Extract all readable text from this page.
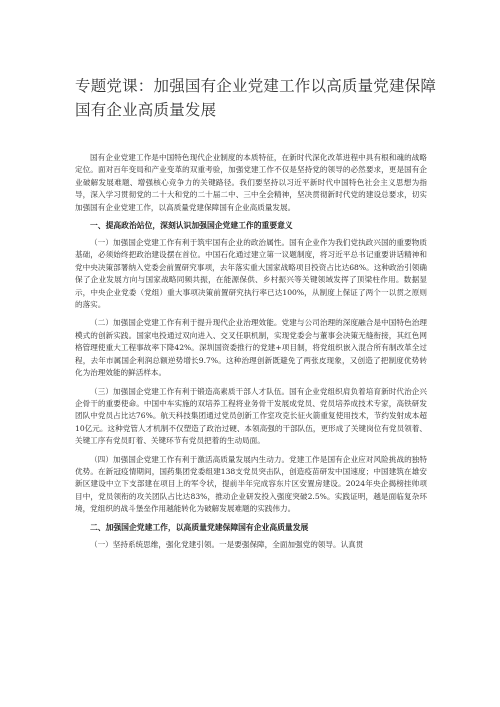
专题党课：加强国有企业党建工作以高质量党建保障国有企业高质量发展

国有企业党建工作是中国特色现代企业制度的本质特征，在新时代深化改革进程中具有根和魂的战略定位。面对百年变局和产业变革的双重考验，加强党建工作不仅是坚持党的领导的必然要求，更是国有企业破解发展难题、增强核心竞争力的关键路径。我们要坚持以习近平新时代中国特色社会主义思想为指导，深入学习贯彻党的二十大和党的二十届二中、三中全会精神，坚决贯彻新时代党的建设总要求，切实加强国有企业党建工作，以高质量党建保障国有企业高质量发展。

一、提高政治站位，深刻认识加强国企党建工作的重要意义

（一）加强国企党建工作有利于筑牢国有企业的政治属性。国有企业作为我们党执政兴国的重要物质基础，必须始终把政治建设摆在首位。中国石化通过建立第一议题制度，将习近平总书记重要讲话精神和党中央决策部署纳入党委会前置研究事项，去年落实重大国家战略项目投资占比达68%。这种政治引领确保了企业发展方向与国家战略同频共振，在能源保供、乡村振兴等关键领域发挥了顶梁柱作用。数据显示，中央企业党委（党组）重大事项决策前置研究执行率已达100%，从制度上保证了两个一以贯之原则的落实。

（二）加强国企党建工作有利于提升现代企业治理效能。党建与公司治理的深度融合是中国特色治理模式的创新实践。国家电投通过双向进入、交叉任职机制，实现党委会与董事会决策无缝衔接，其红色网格管理使重大工程事故率下降42%。深圳国资委推行的党建+项目制，将党组织嵌入混合所有制改革全过程，去年市属国企利润总额逆势增长9.7%。这种治理创新既避免了两张皮现象，又创造了把制度优势转化为治理效能的鲜活样本。

（三）加强国企党建工作有利于锻造高素质干部人才队伍。国有企业党组织肩负着培育新时代治企兴企骨干的重要使命。中国中车实施的双培养工程将业务骨干发展成党员、党员培养成技术专家，高铁研发团队中党员占比达76%。航天科技集团通过党员创新工作室攻克长征火箭重复使用技术，节约发射成本超10亿元。这种党管人才机制不仅塑造了政治过硬、本领高强的干部队伍，更形成了关键岗位有党员领着、关键工序有党员盯着、关键环节有党员把着的生动局面。

（四）加强国企党建工作有利于激活高质量发展内生动力。党建工作是国有企业应对风险挑战的独特优势。在新冠疫情期间，国药集团党委组建138支党员突击队，创造疫苗研发中国速度；中国建筑在雄安新区建设中立下支部建在项目上的军令状，提前半年完成容东片区安置房建设。2024年央企揭榜挂帅项目中，党员领衔的攻关团队占比达83%，推动企业研发投入强度突破2.5%。实践证明，越是面临复杂环境，党组织的战斗堡垒作用越能转化为破解发展难题的实践伟力。

二、加强国企党建工作，以高质量党建保障国有企业高质量发展

（一）坚持系统思维，强化党建引领。一是要强保障，全面加强党的领导。认真贯
